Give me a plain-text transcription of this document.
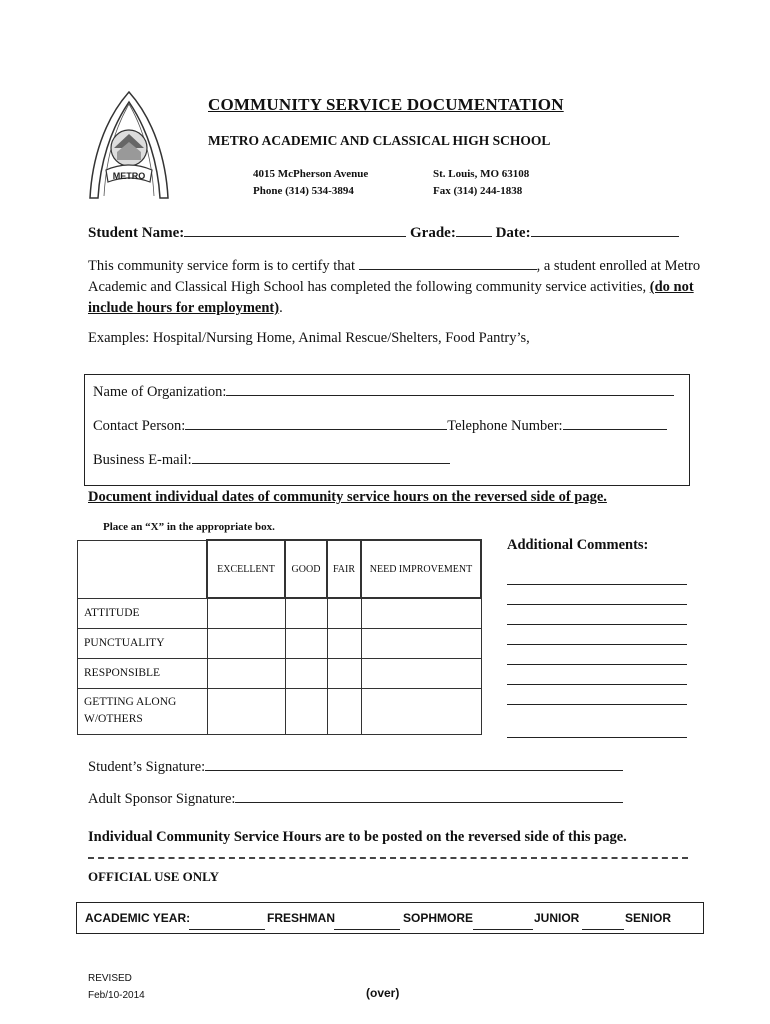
METRO
COMMUNITY SERVICE DOCUMENTATION
METRO ACADEMIC AND CLASSICAL HIGH SCHOOL
4015 McPherson Avenue
Phone (314) 534-3894
St. Louis, MO 63108
Fax (314) 244-1838
Student Name:	Grade:	Date:
This community service form is to certify that	, a student enrolled at Metro Academic and Classical High School has completed the following community service activities, (do not include hours for employment).
Examples: Hospital/Nursing Home, Animal Rescue/Shelters, Food Pantry’s,
Name of Organization:
Contact Person:	Telephone Number:
Business E-mail:
Document individual dates of community service hours on the reversed side of page.
Place an “X” in the appropriate box.
	EXCELLENT	GOOD	FAIR	NEED IMPROVEMENT
ATTITUDE				
PUNCTUALITY				
RESPONSIBLE				

GETTING ALONG
W/OTHERS				

Additional Comments:
Student’s Signature:
Adult Sponsor Signature:
Individual Community Service Hours are to be posted on the reversed side of this page.
OFFICIAL USE ONLY
ACADEMIC YEAR:	FRESHMAN	SOPHMORE	JUNIOR	SENIOR
REVISED
Feb/10-2014	(over)
